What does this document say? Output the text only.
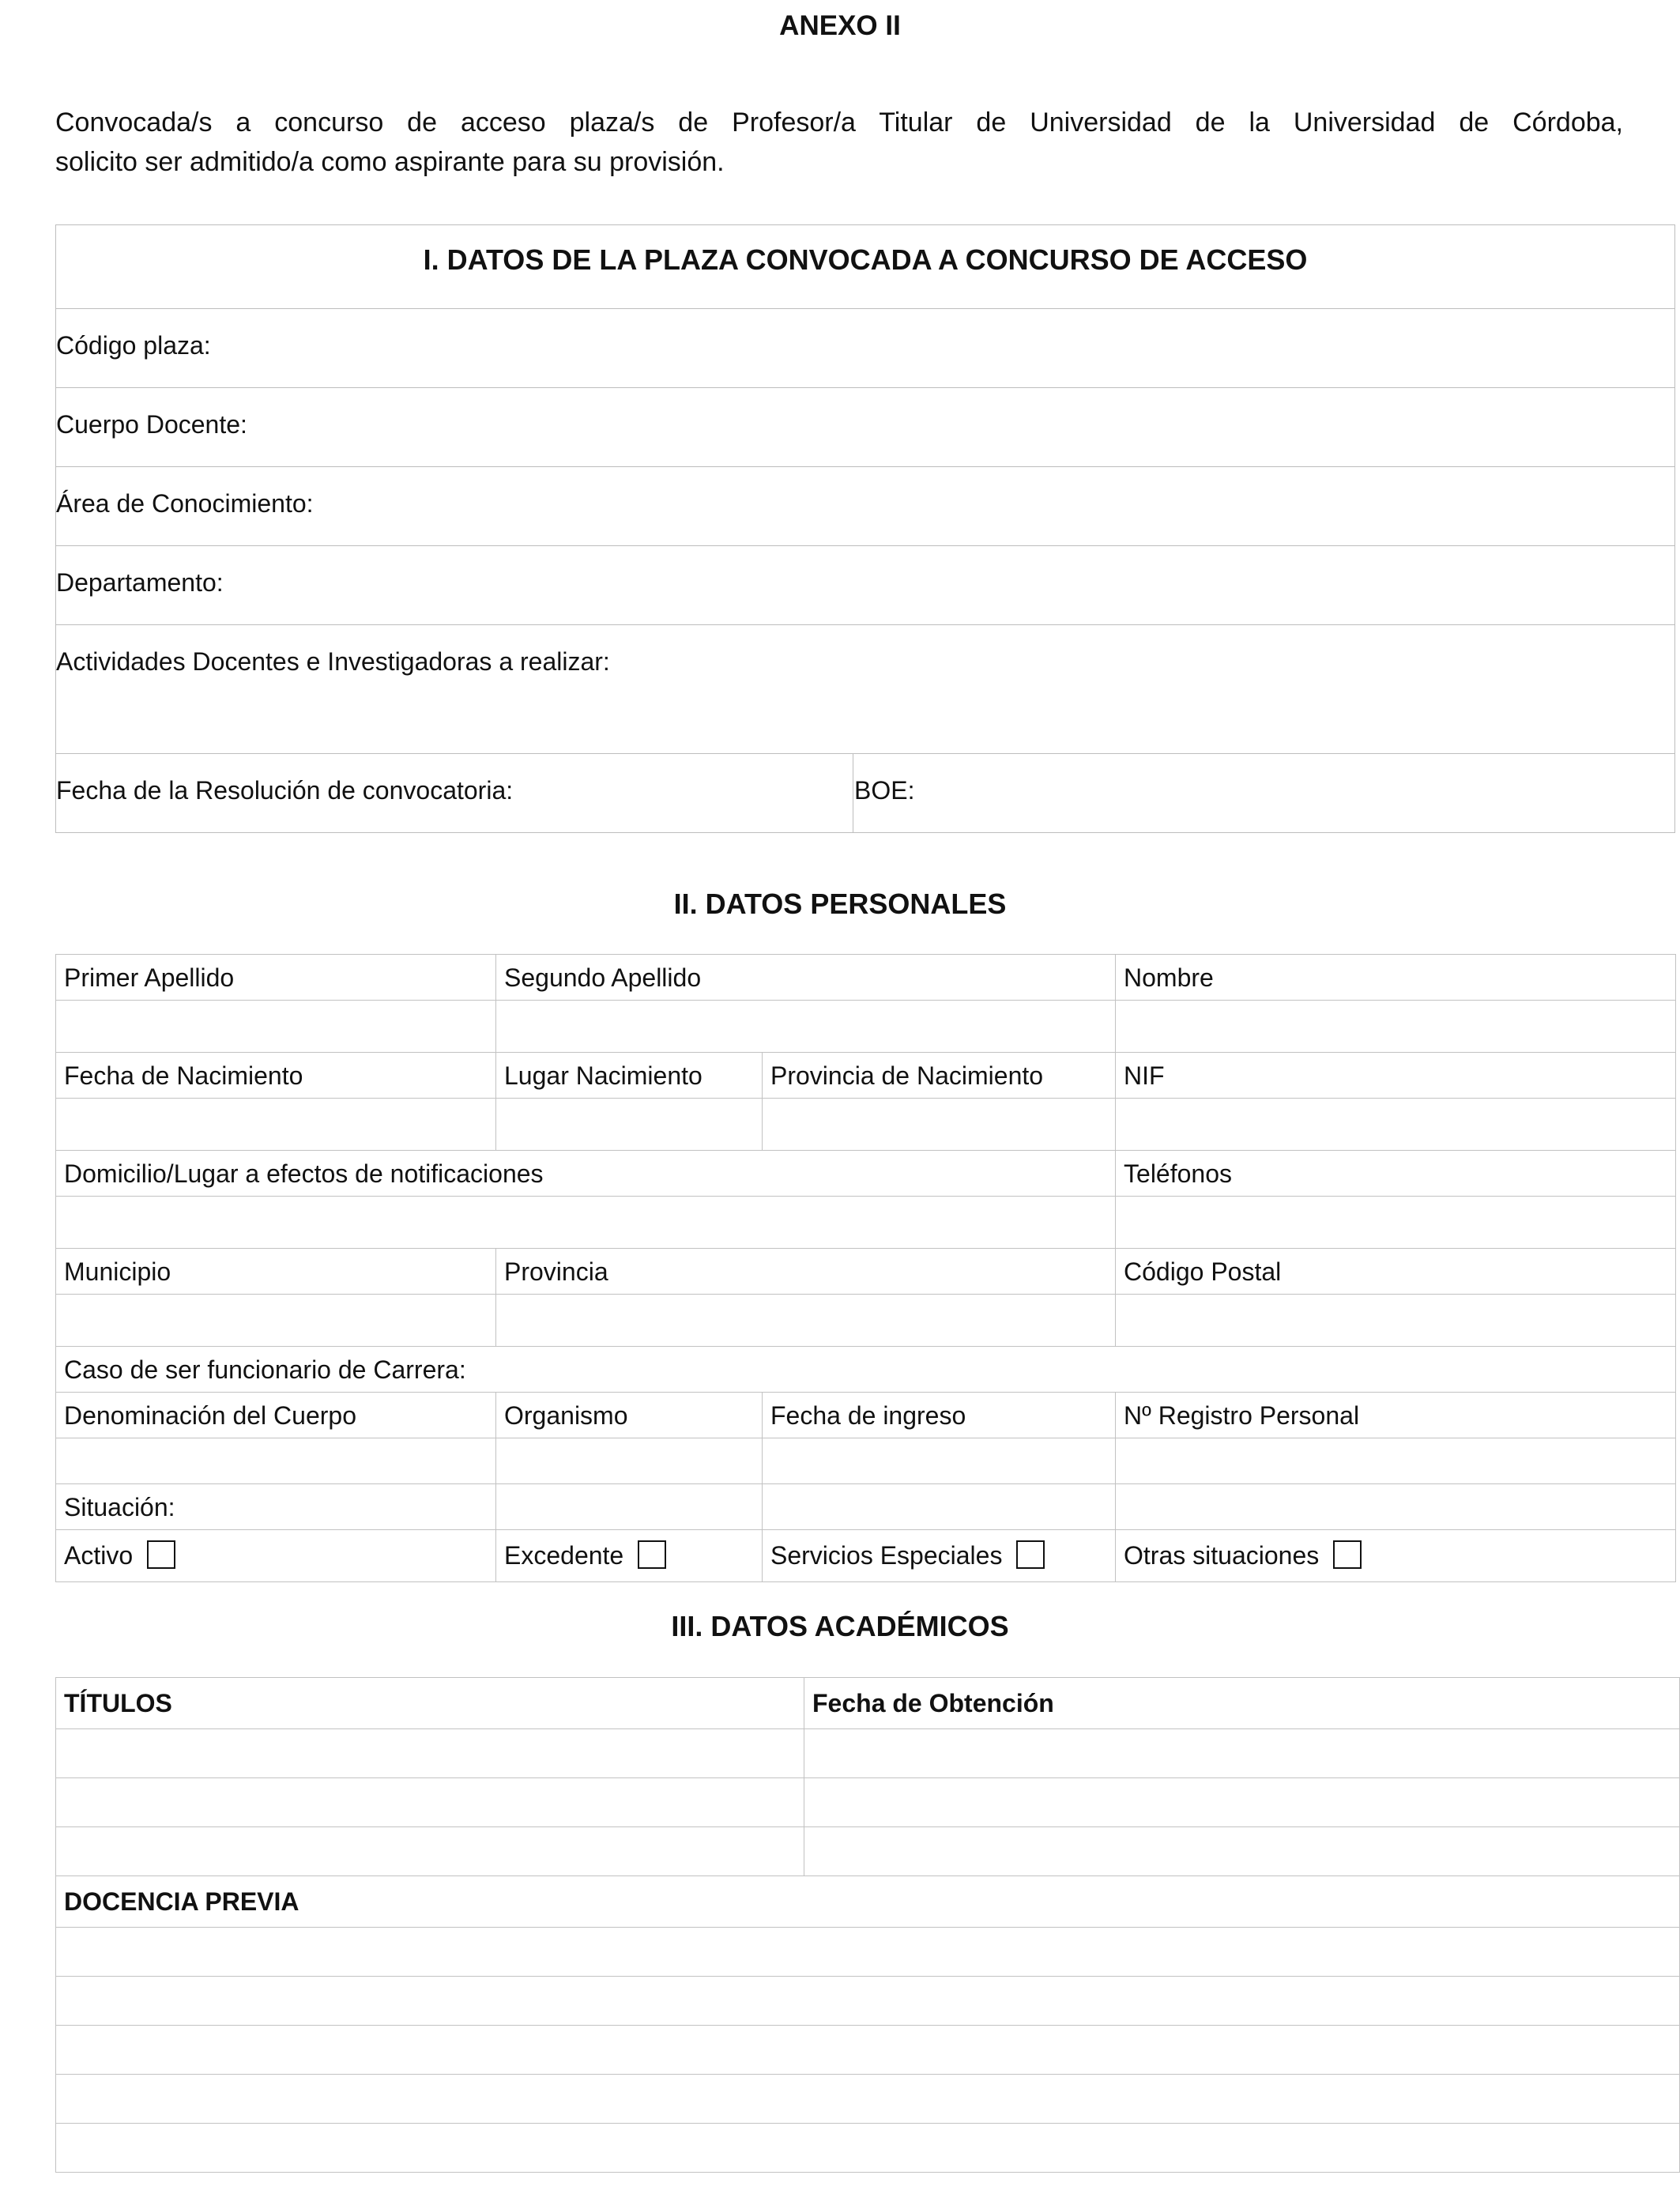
ANEXO II
Convocada/s a concurso de acceso plaza/s de Profesor/a Titular de Universidad de la Universidad de Córdoba,
solicito ser admitido/a como aspirante para su provisión.
I. DATOS DE LA PLAZA CONVOCADA A CONCURSO DE ACCESO
Código plaza:
Cuerpo Docente:
Área de Conocimiento:
Departamento:
Actividades Docentes e Investigadoras a realizar:
Fecha de la Resolución de convocatoria:	BOE:
II. DATOS PERSONALES
Primer Apellido	Segundo Apellido		Nombre

Fecha de Nacimiento	Lugar Nacimiento	Provincia de Nacimiento	NIF

Domicilio/Lugar a efectos de notificaciones			Teléfonos

Municipio	Provincia		Código Postal

Caso de ser funcionario de Carrera:			
Denominación del Cuerpo	Organismo	Fecha de ingreso	Nº Registro Personal

Situación:			
Activo	Excedente	Servicios Especiales	Otras situaciones
III. DATOS ACADÉMICOS
TÍTULOS	Fecha de Obtención

DOCENCIA PREVIA	
